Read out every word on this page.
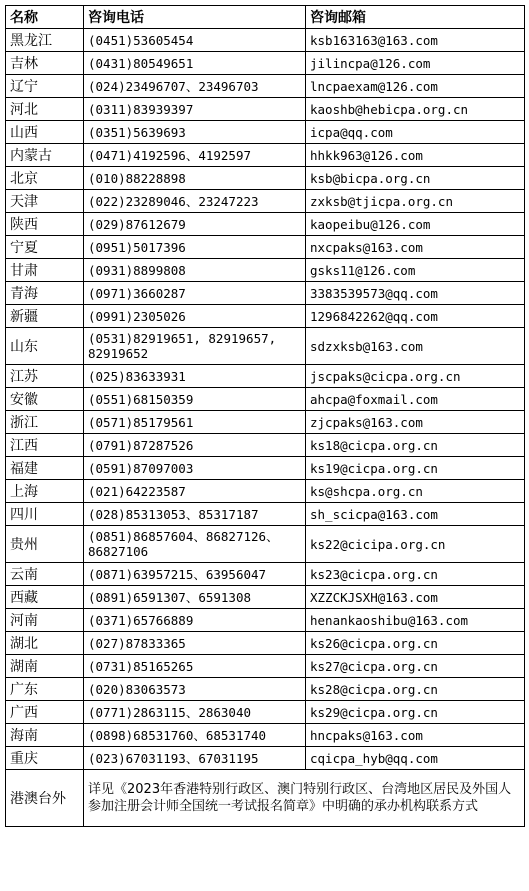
名称	咨询电话	咨询邮箱
黑龙江	(0451)53605454	ksb163163@163.com
吉林	(0431)80549651	jilincpa@126.com
辽宁	(024)23496707、23496703	lncpaexam@126.com
河北	(0311)83939397	kaoshb@hebicpa.org.cn
山西	(0351)5639693	icpa@qq.com
内蒙古	(0471)4192596、4192597	hhkk963@126.com
北京	(010)88228898	ksb@bicpa.org.cn
天津	(022)23289046、23247223	zxksb@tjicpa.org.cn
陕西	(029)87612679	kaopeibu@126.com
宁夏	(0951)5017396	nxcpaks@163.com
甘肃	(0931)8899808	gsks11@126.com
青海	(0971)3660287	3383539573@qq.com
新疆	(0991)2305026	1296842262@qq.com
山东	(0531)82919651, 82919657, 82919652	sdzxksb@163.com
江苏	(025)83633931	jscpaks@cicpa.org.cn
安徽	(0551)68150359	ahcpa@foxmail.com
浙江	(0571)85179561	zjcpaks@163.com
江西	(0791)87287526	ks18@cicpa.org.cn
福建	(0591)87097003	ks19@cicpa.org.cn
上海	(021)64223587	ks@shcpa.org.cn
四川	(028)85313053、85317187	sh_scicpa@163.com
贵州	(0851)86857604、86827126、86827106	ks22@cicipa.org.cn
云南	(0871)63957215、63956047	ks23@cicpa.org.cn
西藏	(0891)6591307、6591308	XZZCKJSXH@163.com
河南	(0371)65766889	henankaoshibu@163.com
湖北	(027)87833365	ks26@cicpa.org.cn
湖南	(0731)85165265	ks27@cicpa.org.cn
广东	(020)83063573	ks28@cicpa.org.cn
广西	(0771)2863115、2863040	ks29@cicpa.org.cn
海南	(0898)68531760、68531740	hncpaks@163.com
重庆	(023)67031193、67031195	cqicpa_hyb@qq.com
港澳台外	详见《2023年香港特别行政区、澳门特别行政区、台湾地区居民及外国人参加注册会计师全国统一考试报名简章》中明确的承办机构联系方式	
